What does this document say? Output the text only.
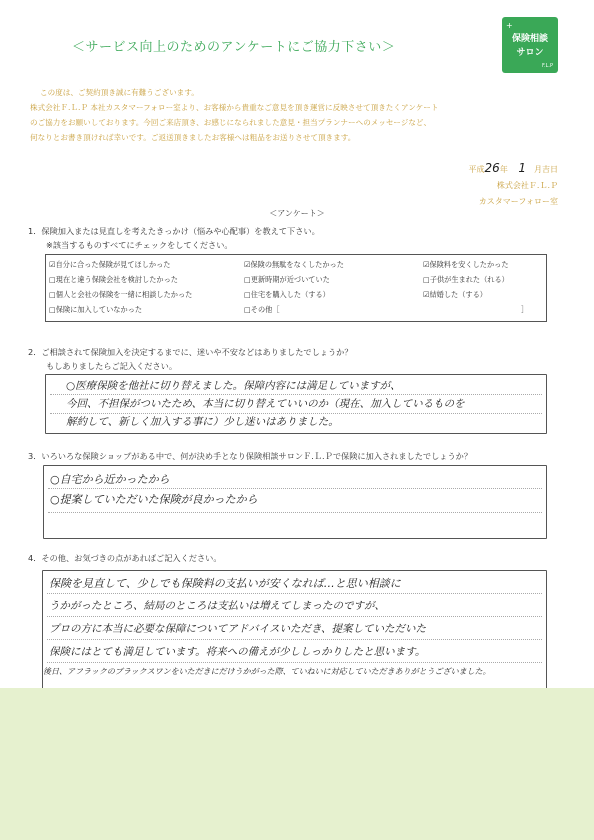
＜サービス向上のためのアンケートにご協力下さい＞
+
保険相談
サロン
F.L.P

この度は、ご契約頂き誠に有難うございます。

株式会社Ｆ.Ｌ.Ｐ 本社カスタマーフォロー室より、お客様から貴重なご意見を頂き運営に反映させて頂きたくアンケート

のご協力をお願いしております。今回ご来店頂き、お感じになられました意見・担当プランナーへのメッセージなど、

何なりとお書き頂ければ幸いです。ご返送頂きましたお客様へは粗品をお送りさせて頂きます。

平成26年 1 月吉日
株式会社Ｆ.Ｌ.Ｐ
カスタマーフォロー室
＜アンケート＞
1．保険加入または見直しを考えたきっかけ（悩みや心配事）を教えて下さい。
※該当するものすべてにチェックをしてください。
☑自分に合った保険が見てほしかった	☑保険の無駄をなくしたかった	☑保険料を安くしたかった
□現在と違う保険会社を検討したかった	□更新時期が近づいていた	□子供が生まれた（れる）
□個人と会社の保険を一緒に相談したかった	□住宅を購入した（する）	☑結婚した（する）
□保険に加入していなかった	□その他［	］
2．ご相談されて保険加入を決定するまでに、迷いや不安などはありましたでしょうか？
もしありましたらご記入ください。
○医療保険を他社に切り替えました。保障内容には満足していますが、
今回、不担保がついたため、本当に切り替えていいのか（現在、加入しているものを
解約して、新しく加入する事に）少し迷いはありました。
3．いろいろな保険ショップがある中で、何が決め手となり保険相談サロンＦ.Ｌ.Ｐで保険に加入されましたでしょうか？
○自宅から近かったから
○提案していただいた保険が良かったから
4．その他、お気づきの点があればご記入ください。
保険を見直して、少しでも保険料の支払いが安くなれば…と思い相談に
うかがったところ、結局のところは支払いは増えてしまったのですが、
プロの方に本当に必要な保障についてアドバイスいただき、提案していただいた
保険にはとても満足しています。将来への備えが少ししっかりしたと思います。
後日、アフラックのブラックスワンをいただきにだけうかがった際、ていねいに対応していただきありがとうございました。
